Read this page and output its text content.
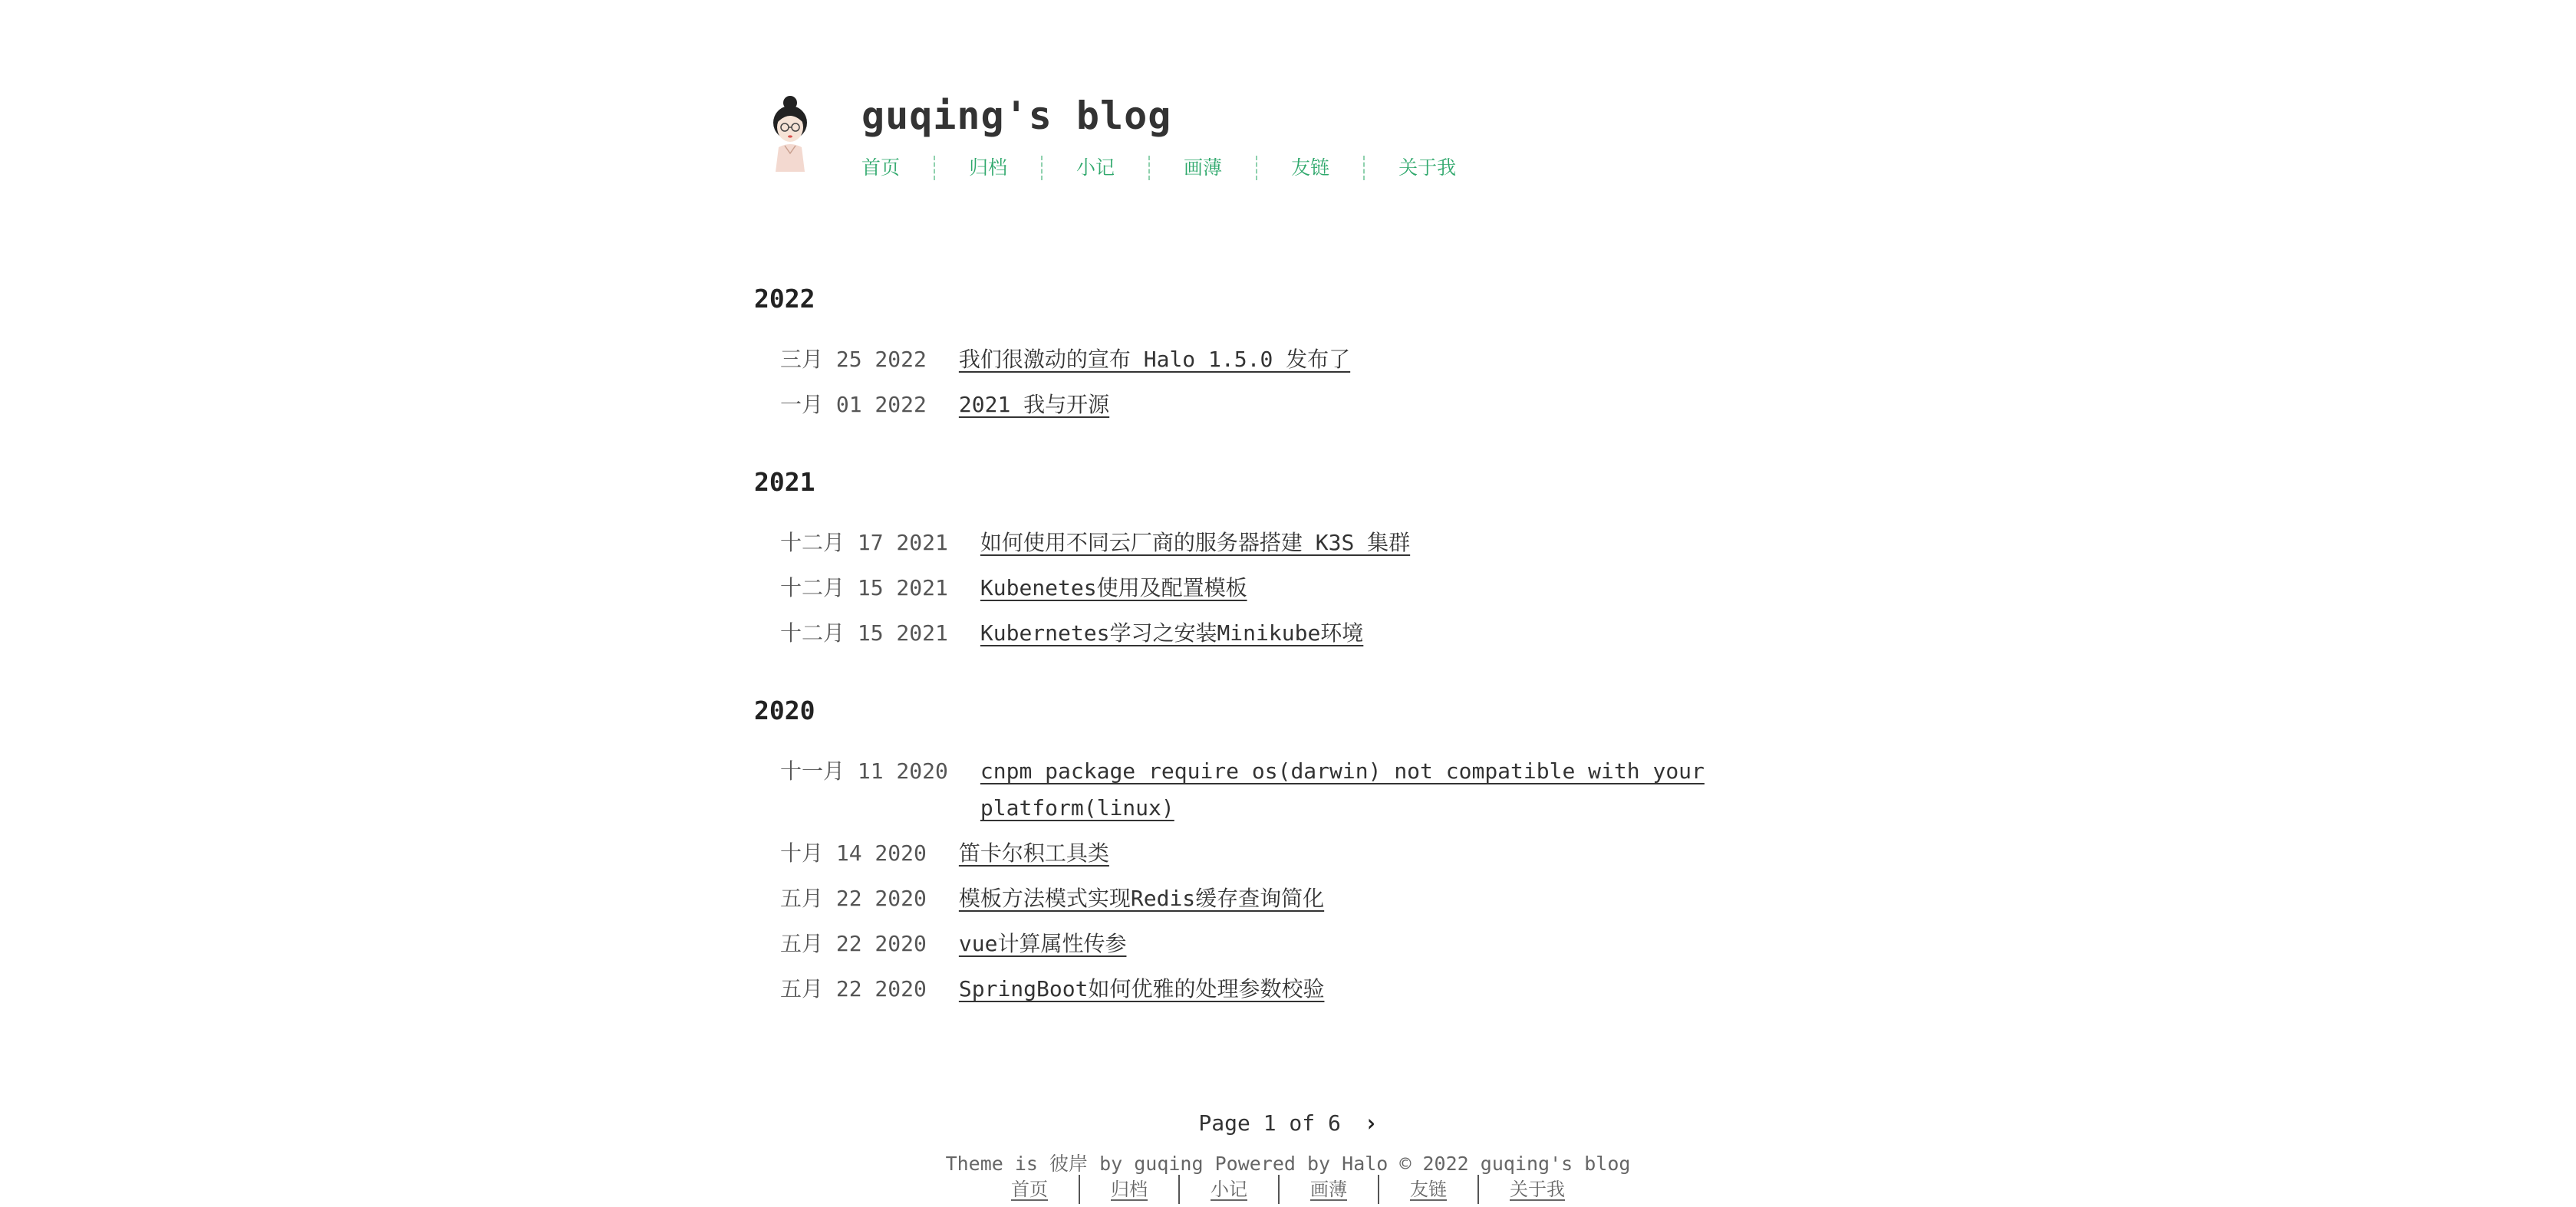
guqing's blog
首页	归档	小记	画薄	友链	关于我
2022
三月 25 2022 我们很激动的宣布 Halo 1.5.0 发布了
一月 01 2022 2021 我与开源
2021
十二月 17 2021 如何使用不同云厂商的服务器搭建 K3S 集群
十二月 15 2021 Kubenetes使用及配置模板
十二月 15 2021 Kubernetes学习之安装Minikube环境
2020
十一月 11 2020 cnpm package require os(darwin) not compatible with your platform(linux)
十月 14 2020 笛卡尔积工具类
五月 22 2020 模板方法模式实现Redis缓存查询简化
五月 22 2020 vue计算属性传参
五月 22 2020 SpringBoot如何优雅的处理参数校验
Page 1 of 6 ›
Theme is 彼岸 by guqing Powered by Halo © 2022 guqing's blog
首页	归档	小记	画薄	友链	关于我
